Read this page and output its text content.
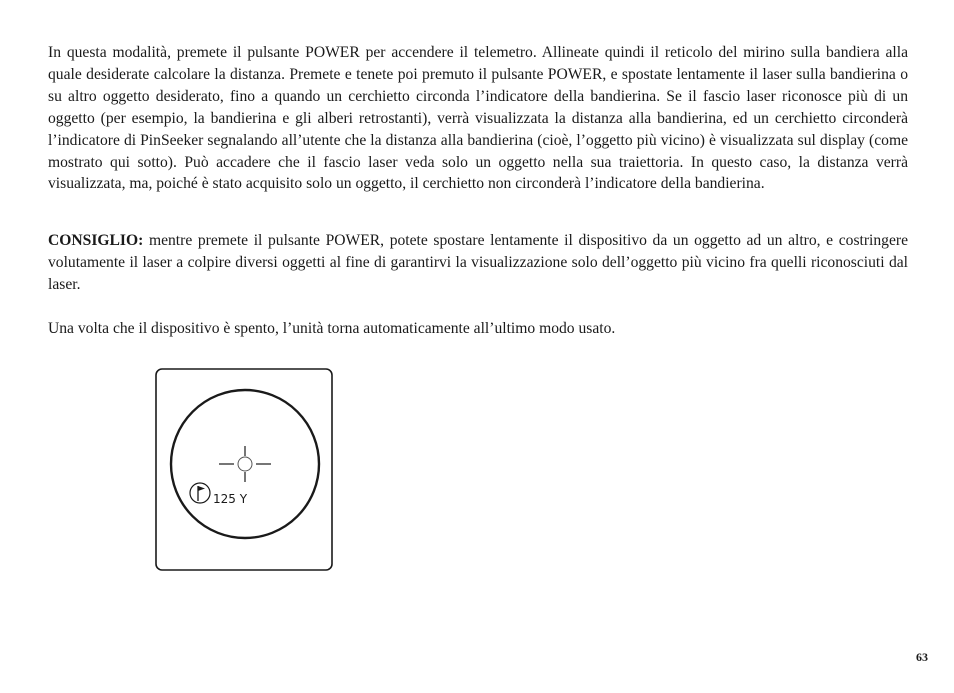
In questa modalità, premete il pulsante POWER per accendere il telemetro. Allineate quindi il reticolo del mirino sulla bandiera alla quale desiderate calcolare la distanza. Premete e tenete poi premuto il pulsante POWER, e spostate lentamente il laser sulla bandierina o su altro oggetto desiderato, fino a quando un cerchietto circonda l’indicatore della bandierina. Se il fascio laser riconosce più di un oggetto (per esempio, la bandierina e gli alberi retrostanti), verrà visualizzata la distanza alla bandierina, ed un cerchietto circonderà l’indicatore di PinSeeker segnalando all’utente che la distanza alla bandierina (cioè, l’oggetto più vicino) è visualizzata sul display (come mostrato qui sotto). Può accadere che il fascio laser veda solo un oggetto nella sua traiettoria. In questo caso, la distanza verrà visualizzata, ma, poiché è stato acquisito solo un oggetto, il cerchietto non circonderà l’indicatore della bandierina.

CONSIGLIO: mentre premete il pulsante POWER, potete spostare lentamente il dispositivo da un oggetto ad un altro, e costringere volutamente il laser a colpire diversi oggetti al fine di garantirvi la visualizzazione solo dell’oggetto più vicino fra quelli riconosciuti dal laser.

Una volta che il dispositivo è spento, l’unità torna automaticamente all’ultimo modo usato.

125 Y
63
